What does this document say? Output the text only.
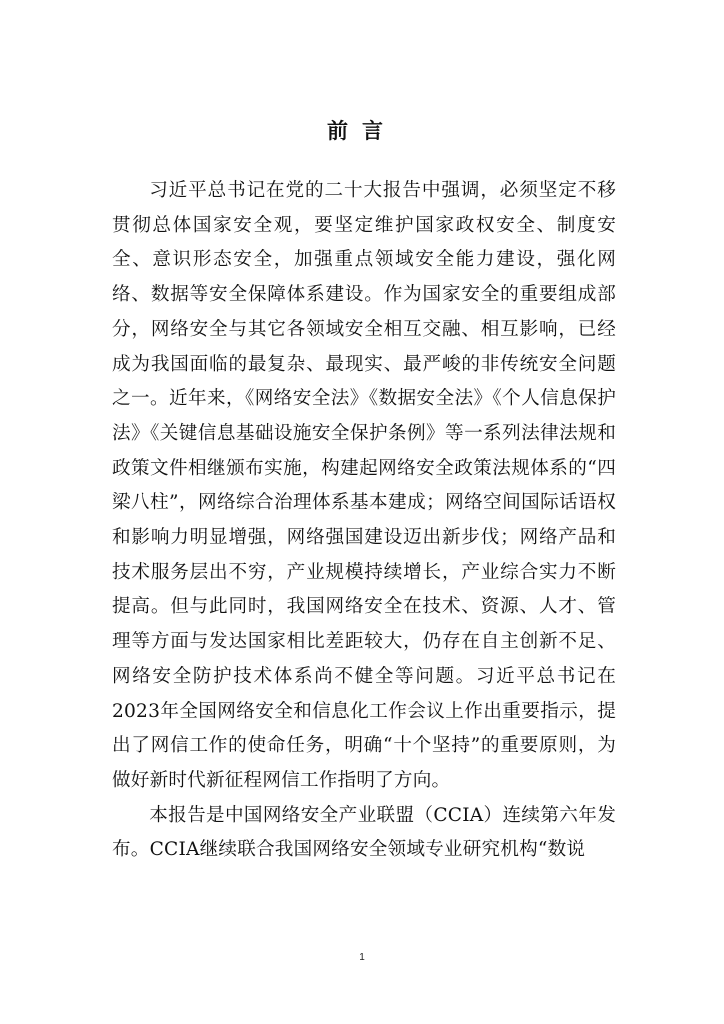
前言

习近平总书记在党的二十大报告中强调，必须坚定不移贯彻总体国家安全观，要坚定维护国家政权安全、制度安全、意识形态安全，加强重点领域安全能力建设，强化网络、数据等安全保障体系建设。作为国家安全的重要组成部分，网络安全与其它各领域安全相互交融、相互影响，已经成为我国面临的最复杂、最现实、最严峻的非传统安全问题之一。近年来，《网络安全法》《数据安全法》《个人信息保护法》《关键信息基础设施安全保护条例》等一系列法律法规和政策文件相继颁布实施，构建起网络安全政策法规体系的“四梁八柱”，网络综合治理体系基本建成；网络空间国际话语权和影响力明显增强，网络强国建设迈出新步伐；网络产品和技术服务层出不穷，产业规模持续增长，产业综合实力不断提高。但与此同时，我国网络安全在技术、资源、人才、管理等方面与发达国家相比差距较大，仍存在自主创新不足、网络安全防护技术体系尚不健全等问题。习近平总书记在2023年全国网络安全和信息化工作会议上作出重要指示，提出了网信工作的使命任务，明确“十个坚持”的重要原则，为做好新时代新征程网信工作指明了方向。

本报告是中国网络安全产业联盟（CCIA）连续第六年发布。CCIA继续联合我国网络安全领域专业研究机构“数说

1
